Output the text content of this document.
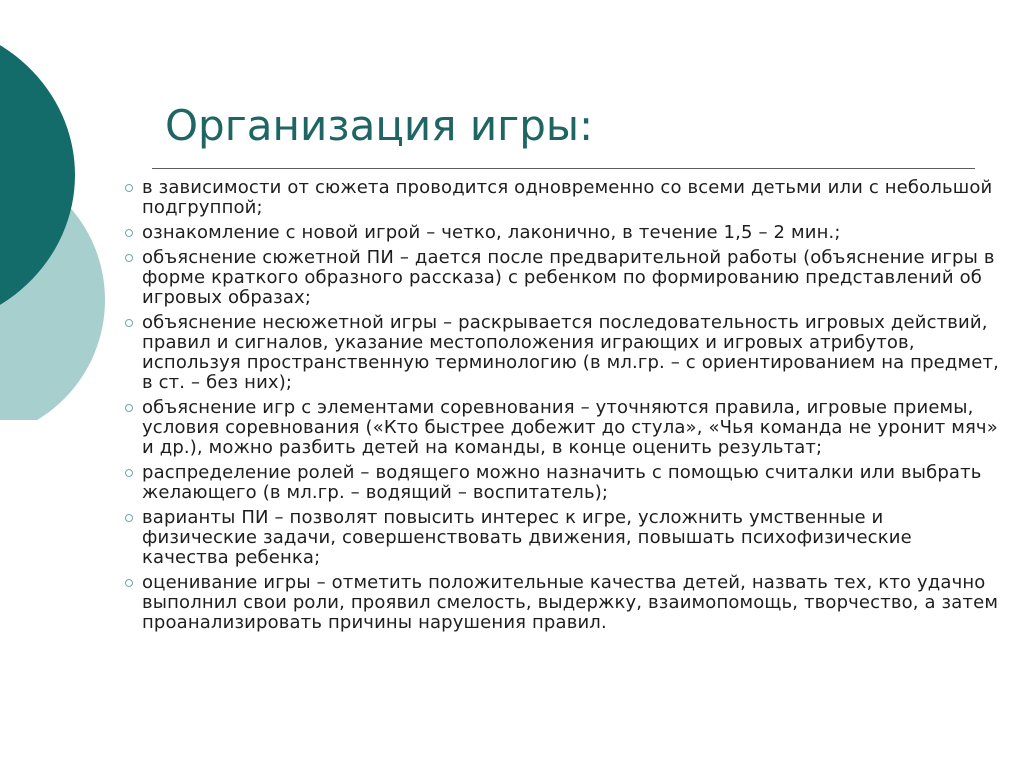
Организация игры:
в зависимости от сюжета проводится одновременно со всеми детьми или с небольшой подгруппой;
ознакомление с новой игрой – четко, лаконично, в течение 1,5 – 2 мин.;
объяснение сюжетной ПИ – дается после предварительной работы (объяснение игры в форме краткого образного рассказа) с ребенком по формированию представлений об игровых образах;
объяснение несюжетной игры – раскрывается последовательность игровых действий, правил и сигналов, указание местоположения играющих и игровых атрибутов, используя пространственную терминологию (в мл.гр. – с ориентированием на предмет, в ст. – без них);
объяснение игр с элементами соревнования – уточняются правила, игровые приемы, условия соревнования («Кто быстрее добежит до стула», «Чья команда не уронит мяч» и др.), можно разбить детей на команды, в конце оценить результат;
распределение ролей – водящего можно назначить с помощью считалки или выбрать желающего (в мл.гр. – водящий – воспитатель);
варианты ПИ – позволят повысить интерес к игре, усложнить умственные и физические задачи, совершенствовать движения, повышать психофизические качества ребенка;
оценивание игры – отметить положительные качества детей, назвать тех, кто удачно выполнил свои роли, проявил смелость, выдержку, взаимопомощь, творчество, а затем проанализировать причины нарушения правил.
